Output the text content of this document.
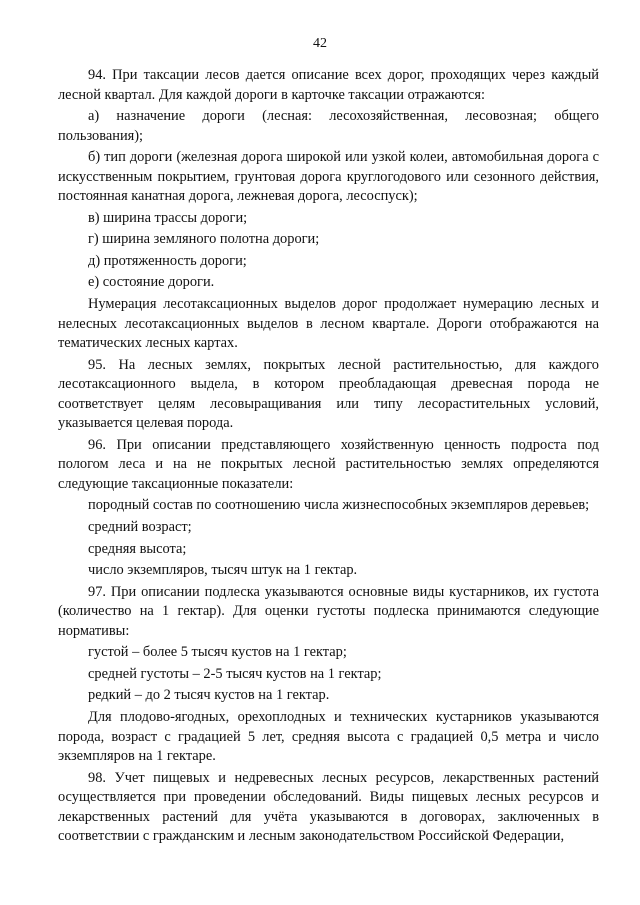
42

94. При таксации лесов дается описание всех дорог, проходящих через каждый лесной квартал. Для каждой дороги в карточке таксации отражаются:

а) назначение дороги (лесная: лесохозяйственная, лесовозная; общего пользования);

б) тип дороги (железная дорога широкой или узкой колеи, автомобильная дорога с искусственным покрытием, грунтовая дорога круглогодового или сезонного действия, постоянная канатная дорога, лежневая дорога, лесоспуск);

в) ширина трассы дороги;

г) ширина земляного полотна дороги;

д) протяженность дороги;

е) состояние дороги.

Нумерация лесотаксационных выделов дорог продолжает нумерацию лесных и нелесных лесотаксационных выделов в лесном квартале. Дороги отображаются на тематических лесных картах.

95. На лесных землях, покрытых лесной растительностью, для каждого лесотаксационного выдела, в котором преобладающая древесная порода не соответствует целям лесовыращивания или типу лесорастительных условий, указывается целевая порода.

96. При описании представляющего хозяйственную ценность подроста под пологом леса и на не покрытых лесной растительностью землях определяются следующие таксационные показатели:

породный состав по соотношению числа жизнеспособных экземпляров деревьев;

средний возраст;

средняя высота;

число экземпляров, тысяч штук на 1 гектар.

97. При описании подлеска указываются основные виды кустарников, их густота (количество на 1 гектар). Для оценки густоты подлеска принимаются следующие нормативы:

густой – более 5 тысяч кустов на 1 гектар;

средней густоты – 2-5 тысяч кустов на 1 гектар;

редкий – до 2 тысяч кустов на 1 гектар.

Для плодово-ягодных, орехоплодных и технических кустарников указываются порода, возраст с градацией 5 лет, средняя высота с градацией 0,5 метра и число экземпляров на 1 гектаре.

98. Учет пищевых и недревесных лесных ресурсов, лекарственных растений осуществляется при проведении обследований. Виды пищевых лесных ресурсов и лекарственных растений для учёта указываются в договорах, заключенных в соответствии с гражданским и лесным законодательством Российской Федерации,
